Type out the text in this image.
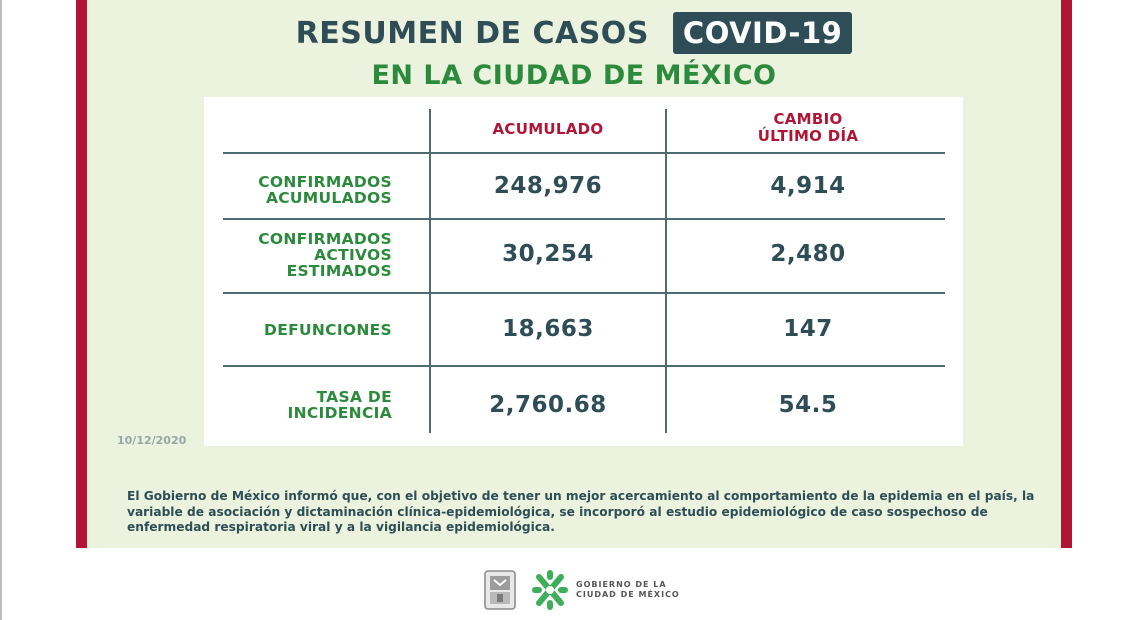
RESUMEN DE CASOS	COVID-19
EN LA CIUDAD DE MÉXICO
ACUMULADO
CAMBIO
ÚLTIMO DÍA
CONFIRMADOS
ACUMULADOS	248,976	4,914
CONFIRMADOS
ACTIVOS
ESTIMADOS
30,254	2,480
DEFUNCIONES	18,663	147
TASA DE
INCIDENCIA	2,760.68	54.5
10/12/2020
El Gobierno de México informó que, con el objetivo de tener un mejor acercamiento al comportamiento de la epidemia en el país, la variable de asociación y dictaminación clínica-epidemiológica, se incorporó al estudio epidemiológico de caso sospechoso de enfermedad respiratoria viral y a la vigilancia epidemiológica.
GOBIERNO DE LA
CIUDAD DE MÉXICO
